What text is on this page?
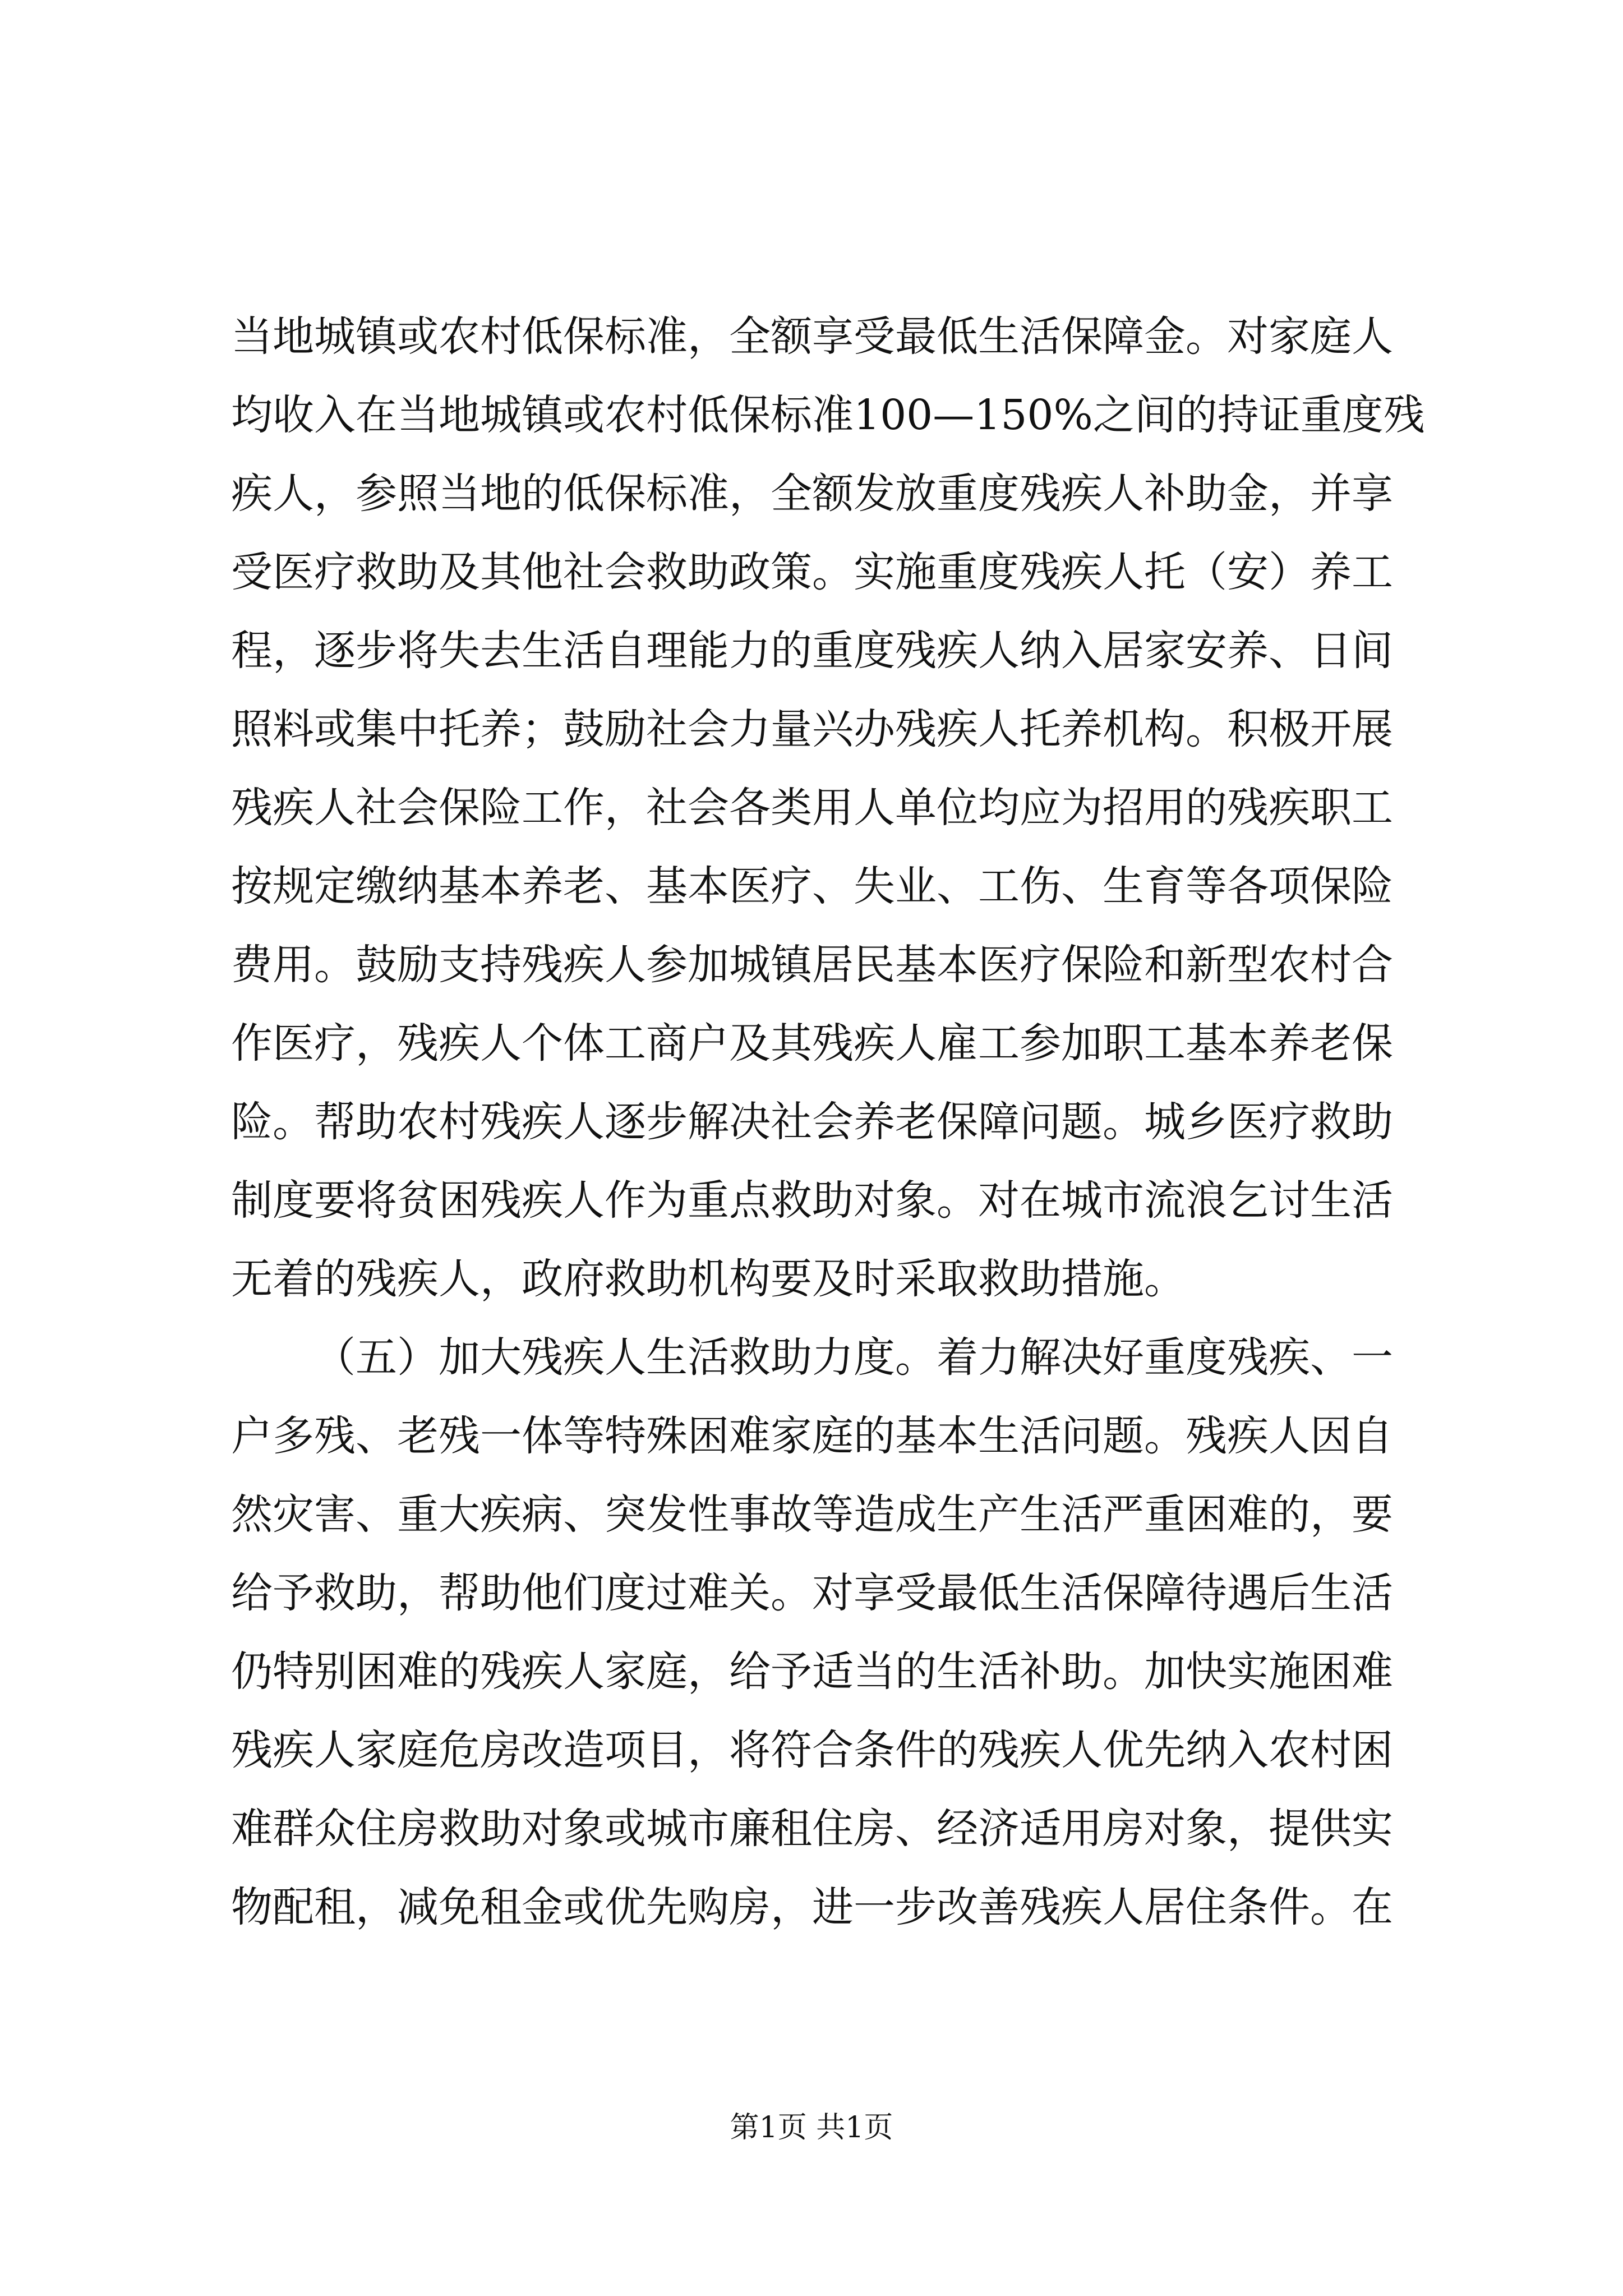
当地城镇或农村低保标准，全额享受最低生活保障金。对家庭人
均收入在当地城镇或农村低保标准100—150%之间的持证重度残
疾人，参照当地的低保标准，全额发放重度残疾人补助金，并享
受医疗救助及其他社会救助政策。实施重度残疾人托（安）养工
程，逐步将失去生活自理能力的重度残疾人纳入居家安养、日间
照料或集中托养；鼓励社会力量兴办残疾人托养机构。积极开展
残疾人社会保险工作，社会各类用人单位均应为招用的残疾职工
按规定缴纳基本养老、基本医疗、失业、工伤、生育等各项保险
费用。鼓励支持残疾人参加城镇居民基本医疗保险和新型农村合
作医疗，残疾人个体工商户及其残疾人雇工参加职工基本养老保
险。帮助农村残疾人逐步解决社会养老保障问题。城乡医疗救助
制度要将贫困残疾人作为重点救助对象。对在城市流浪乞讨生活
无着的残疾人，政府救助机构要及时采取救助措施。
（五）加大残疾人生活救助力度。着力解决好重度残疾、一
户多残、老残一体等特殊困难家庭的基本生活问题。残疾人因自
然灾害、重大疾病、突发性事故等造成生产生活严重困难的，要
给予救助，帮助他们度过难关。对享受最低生活保障待遇后生活
仍特别困难的残疾人家庭，给予适当的生活补助。加快实施困难
残疾人家庭危房改造项目，将符合条件的残疾人优先纳入农村困
难群众住房救助对象或城市廉租住房、经济适用房对象，提供实
物配租，减免租金或优先购房，进一步改善残疾人居住条件。在
第1页 共1页
